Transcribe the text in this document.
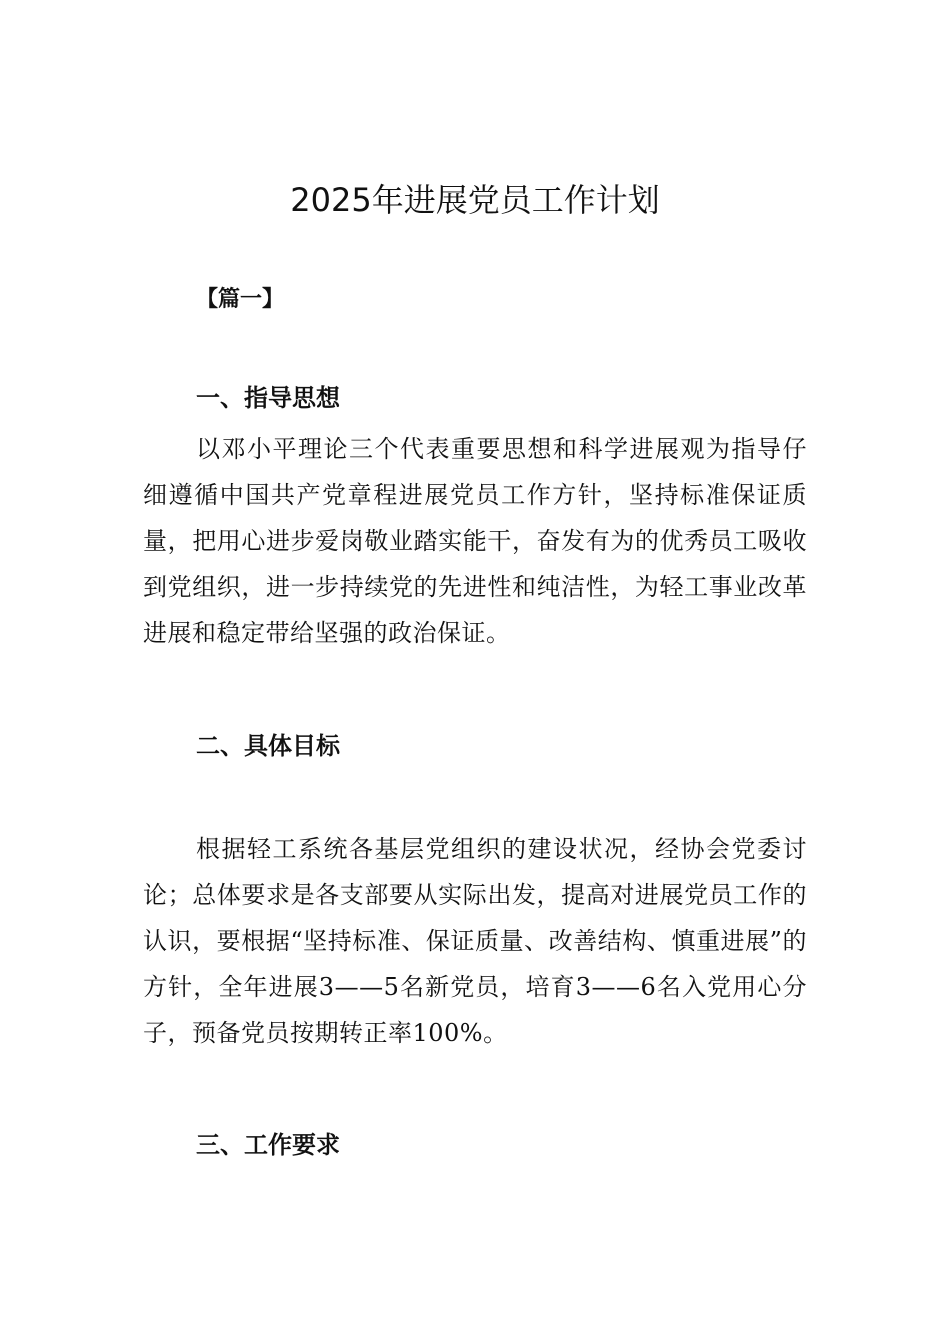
2025年进展党员工作计划
【篇一】
一、指导思想

以邓小平理论三个代表重要思想和科学进展观为指导仔细遵循中国共产党章程进展党员工作方针，坚持标准保证质量，把用心进步爱岗敬业踏实能干，奋发有为的优秀员工吸收到党组织，进一步持续党的先进性和纯洁性，为轻工事业改革进展和稳定带给坚强的政治保证。

二、具体目标

根据轻工系统各基层党组织的建设状况，经协会党委讨论；总体要求是各支部要从实际出发，提高对进展党员工作的认识，要根据“坚持标准、保证质量、改善结构、慎重进展”的方针，全年进展3——5名新党员，培育3——6名入党用心分子，预备党员按期转正率100%。

三、工作要求
